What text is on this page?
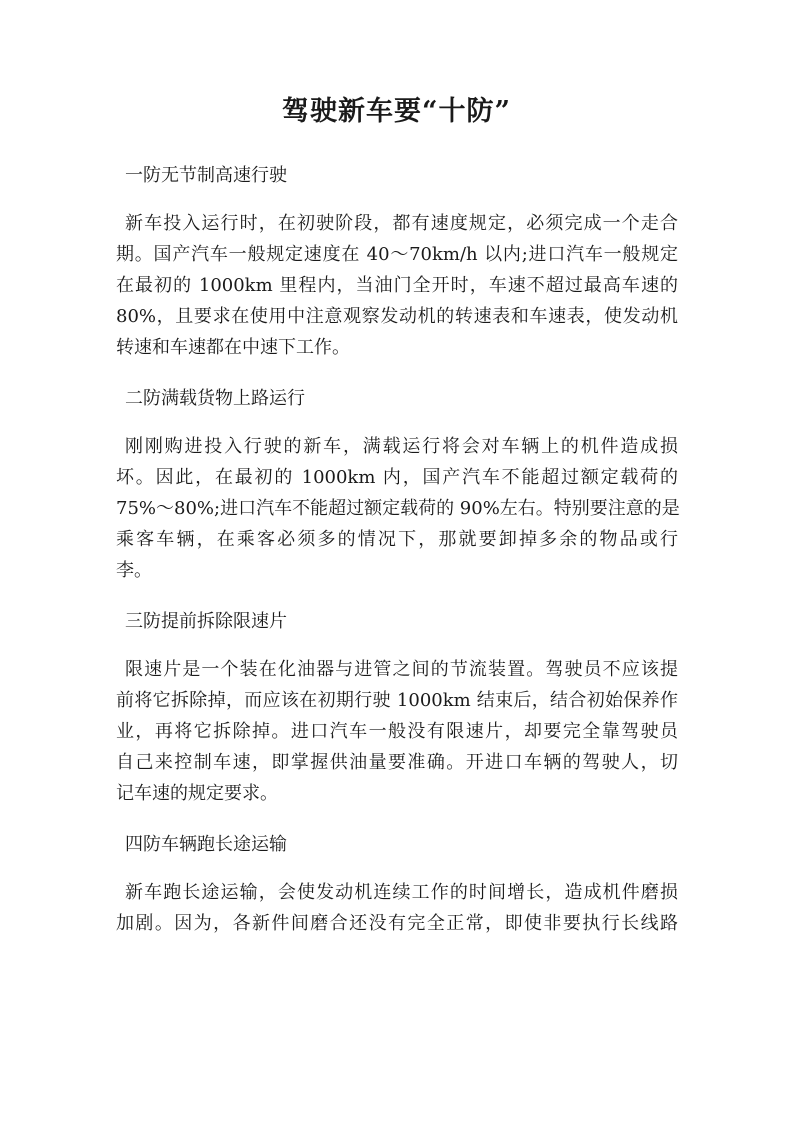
驾驶新车要“十防”
一防无节制高速行驶
新车投入运行时，在初驶阶段，都有速度规定，必须完成一个走合
期。国产汽车一般规定速度在 40～70km/h 以内;进口汽车一般规定
在最初的 1000km 里程内，当油门全开时，车速不超过最高车速的
80%，且要求在使用中注意观察发动机的转速表和车速表，使发动机
转速和车速都在中速下工作。
二防满载货物上路运行
刚刚购进投入行驶的新车，满载运行将会对车辆上的机件造成损
坏。因此，在最初的 1000km 内，国产汽车不能超过额定载荷的
75%～80%;进口汽车不能超过额定载荷的 90%左右。特别要注意的是
乘客车辆，在乘客必须多的情况下，那就要卸掉多余的物品或行
李。
三防提前拆除限速片
限速片是一个装在化油器与进管之间的节流装置。驾驶员不应该提
前将它拆除掉，而应该在初期行驶 1000km 结束后，结合初始保养作
业，再将它拆除掉。进口汽车一般没有限速片，却要完全靠驾驶员
自己来控制车速，即掌握供油量要准确。开进口车辆的驾驶人，切
记车速的规定要求。
四防车辆跑长途运输
新车跑长途运输，会使发动机连续工作的时间增长，造成机件磨损
加剧。因为，各新件间磨合还没有完全正常，即使非要执行长线路
